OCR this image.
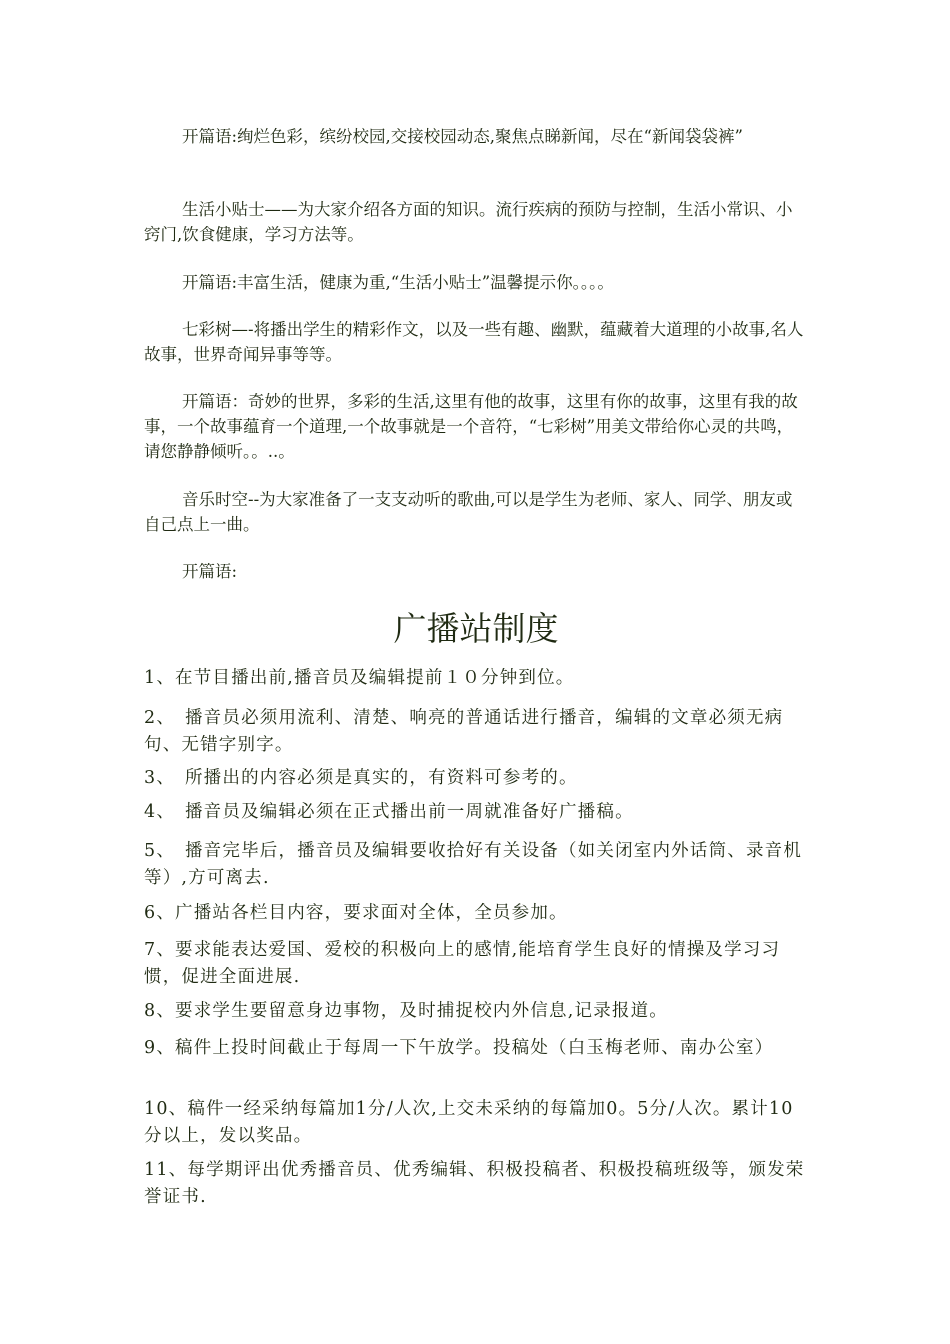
开篇语:绚烂色彩，缤纷校园,交接校园动态,聚焦点睇新闻，尽在“新闻袋袋裤”

生活小贴士——为大家介绍各方面的知识。流行疾病的预防与控制，生活小常识、小窍门,饮食健康，学习方法等。

开篇语:丰富生活，健康为重,“生活小贴士”温馨提示你。。。。

七彩树—-将播出学生的精彩作文，以及一些有趣、幽默，蕴藏着大道理的小故事,名人故事，世界奇闻异事等等。

开篇语：奇妙的世界，多彩的生活,这里有他的故事，这里有你的故事，这里有我的故事，一个故事蕴育一个道理,一个故事就是一个音符，“七彩树”用美文带给你心灵的共鸣，请您静静倾听。。..。

音乐时空--为大家准备了一支支动听的歌曲,可以是学生为老师、家人、同学、朋友或自己点上一曲。

开篇语:

广播站制度

1、在节目播出前,播音员及编辑提前１０分钟到位。

2、　播音员必须用流利、清楚、响亮的普通话进行播音，编辑的文章必须无病句、无错字别字。

3、　所播出的内容必须是真实的，有资料可参考的。

4、　播音员及编辑必须在正式播出前一周就准备好广播稿。

5、　播音完毕后，播音员及编辑要收拾好有关设备（如关闭室内外话筒、录音机等）,方可离去.

6、广播站各栏目内容，要求面对全体，全员参加。

7、要求能表达爱国、爱校的积极向上的感情,能培育学生良好的情操及学习习惯，促进全面进展.

8、要求学生要留意身边事物，及时捕捉校内外信息,记录报道。

9、稿件上投时间截止于每周一下午放学。投稿处（白玉梅老师、南办公室）

10、稿件一经采纳每篇加1分/人次,上交未采纳的每篇加0。5分/人次。累计10分以上，发以奖品。

11、每学期评出优秀播音员、优秀编辑、积极投稿者、积极投稿班级等，颁发荣誉证书.
